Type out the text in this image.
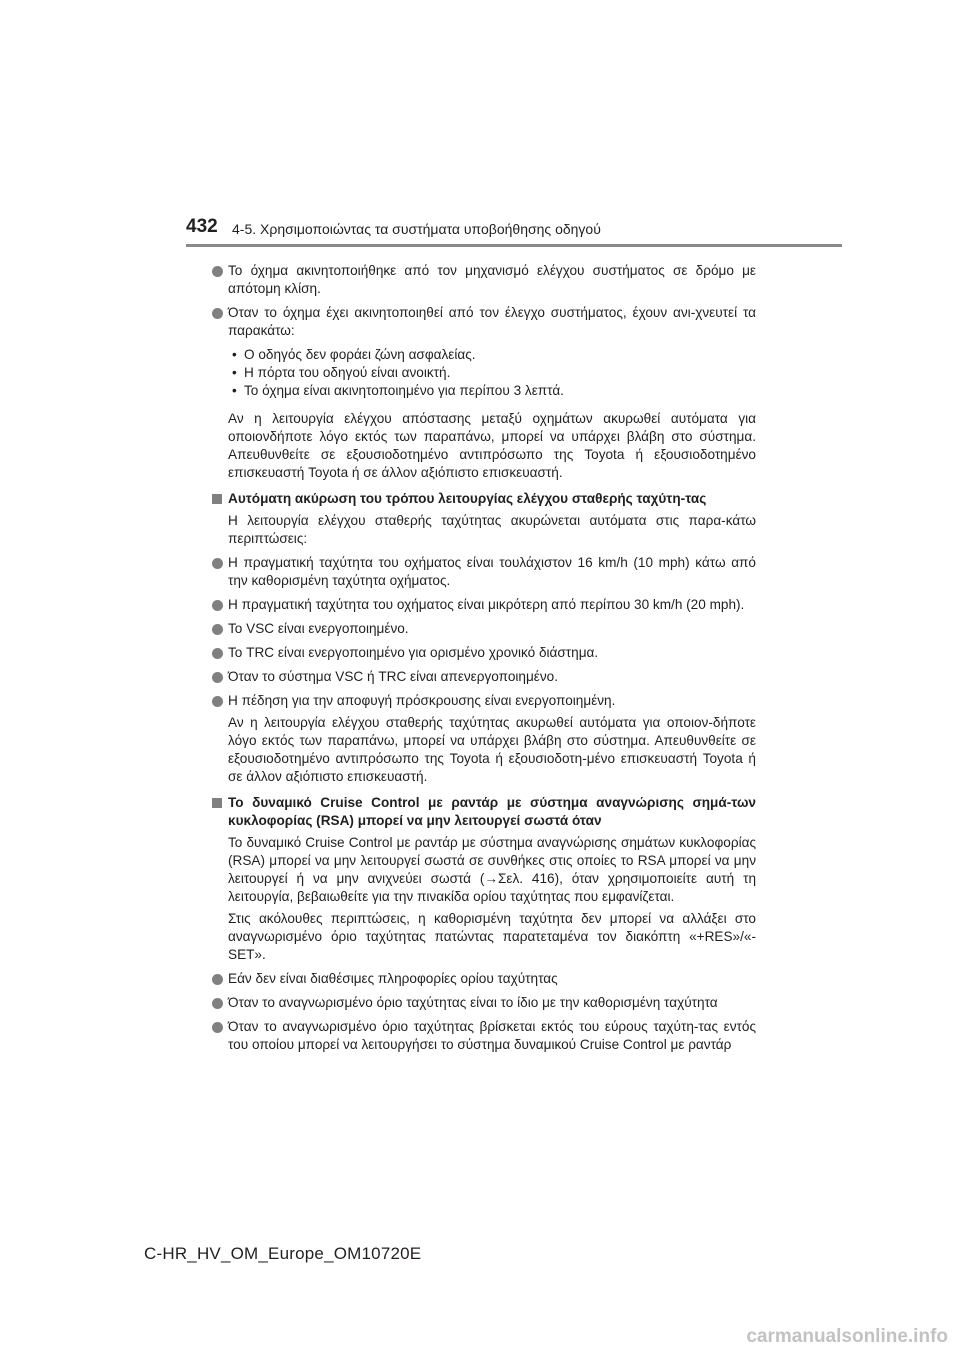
432 4-5. Χρησιμοποιώντας τα συστήματα υποβοήθησης οδηγού
Το όχημα ακινητοποιήθηκε από τον μηχανισμό ελέγχου συστήματος σε δρόμο με απότομη κλίση.
Όταν το όχημα έχει ακινητοποιηθεί από τον έλεγχο συστήματος, έχουν ανι-χνευτεί τα παρακάτω:
• Ο οδηγός δεν φοράει ζώνη ασφαλείας.
• Η πόρτα του οδηγού είναι ανοικτή.
• Το όχημα είναι ακινητοποιημένο για περίπου 3 λεπτά.
Αν η λειτουργία ελέγχου απόστασης μεταξύ οχημάτων ακυρωθεί αυτόματα για οποιονδήποτε λόγο εκτός των παραπάνω, μπορεί να υπάρχει βλάβη στο σύστημα. Απευθυνθείτε σε εξουσιοδοτημένο αντιπρόσωπο της Toyota ή εξουσιοδοτημένο επισκευαστή Toyota ή σε άλλον αξιόπιστο επισκευαστή.
Αυτόματη ακύρωση του τρόπου λειτουργίας ελέγχου σταθερής ταχύτη-τας
Η λειτουργία ελέγχου σταθερής ταχύτητας ακυρώνεται αυτόματα στις παρα-κάτω περιπτώσεις:
Η πραγματική ταχύτητα του οχήματος είναι τουλάχιστον 16 km/h (10 mph) κάτω από την καθορισμένη ταχύτητα οχήματος.
Η πραγματική ταχύτητα του οχήματος είναι μικρότερη από περίπου 30 km/h (20 mph).
Το VSC είναι ενεργοποιημένο.
Το TRC είναι ενεργοποιημένο για ορισμένο χρονικό διάστημα.
Όταν το σύστημα VSC ή TRC είναι απενεργοποιημένο.
Η πέδηση για την αποφυγή πρόσκρουσης είναι ενεργοποιημένη.
Αν η λειτουργία ελέγχου σταθερής ταχύτητας ακυρωθεί αυτόματα για οποιον-δήποτε λόγο εκτός των παραπάνω, μπορεί να υπάρχει βλάβη στο σύστημα. Απευθυνθείτε σε εξουσιοδοτημένο αντιπρόσωπο της Toyota ή εξουσιοδοτη-μένο επισκευαστή Toyota ή σε άλλον αξιόπιστο επισκευαστή.
Το δυναμικό Cruise Control με ραντάρ με σύστημα αναγνώρισης σημά-των κυκλοφορίας (RSA) μπορεί να μην λειτουργεί σωστά όταν
Το δυναμικό Cruise Control με ραντάρ με σύστημα αναγνώρισης σημάτων κυκλοφορίας (RSA) μπορεί να μην λειτουργεί σωστά σε συνθήκες στις οποίες το RSA μπορεί να μην λειτουργεί ή να μην ανιχνεύει σωστά (→Σελ. 416), όταν χρησιμοποιείτε αυτή τη λειτουργία, βεβαιωθείτε για την πινακίδα ορίου ταχύτητας που εμφανίζεται.
Στις ακόλουθες περιπτώσεις, η καθορισμένη ταχύτητα δεν μπορεί να αλλάξει στο αναγνωρισμένο όριο ταχύτητας πατώντας παρατεταμένα τον διακόπτη «+RES»/«-SET».
Εάν δεν είναι διαθέσιμες πληροφορίες ορίου ταχύτητας
Όταν το αναγνωρισμένο όριο ταχύτητας είναι το ίδιο με την καθορισμένη ταχύτητα
Όταν το αναγνωρισμένο όριο ταχύτητας βρίσκεται εκτός του εύρους ταχύτη-τας εντός του οποίου μπορεί να λειτουργήσει το σύστημα δυναμικού Cruise Control με ραντάρ
C-HR_HV_OM_Europe_OM10720E
carmanualsonline.info
